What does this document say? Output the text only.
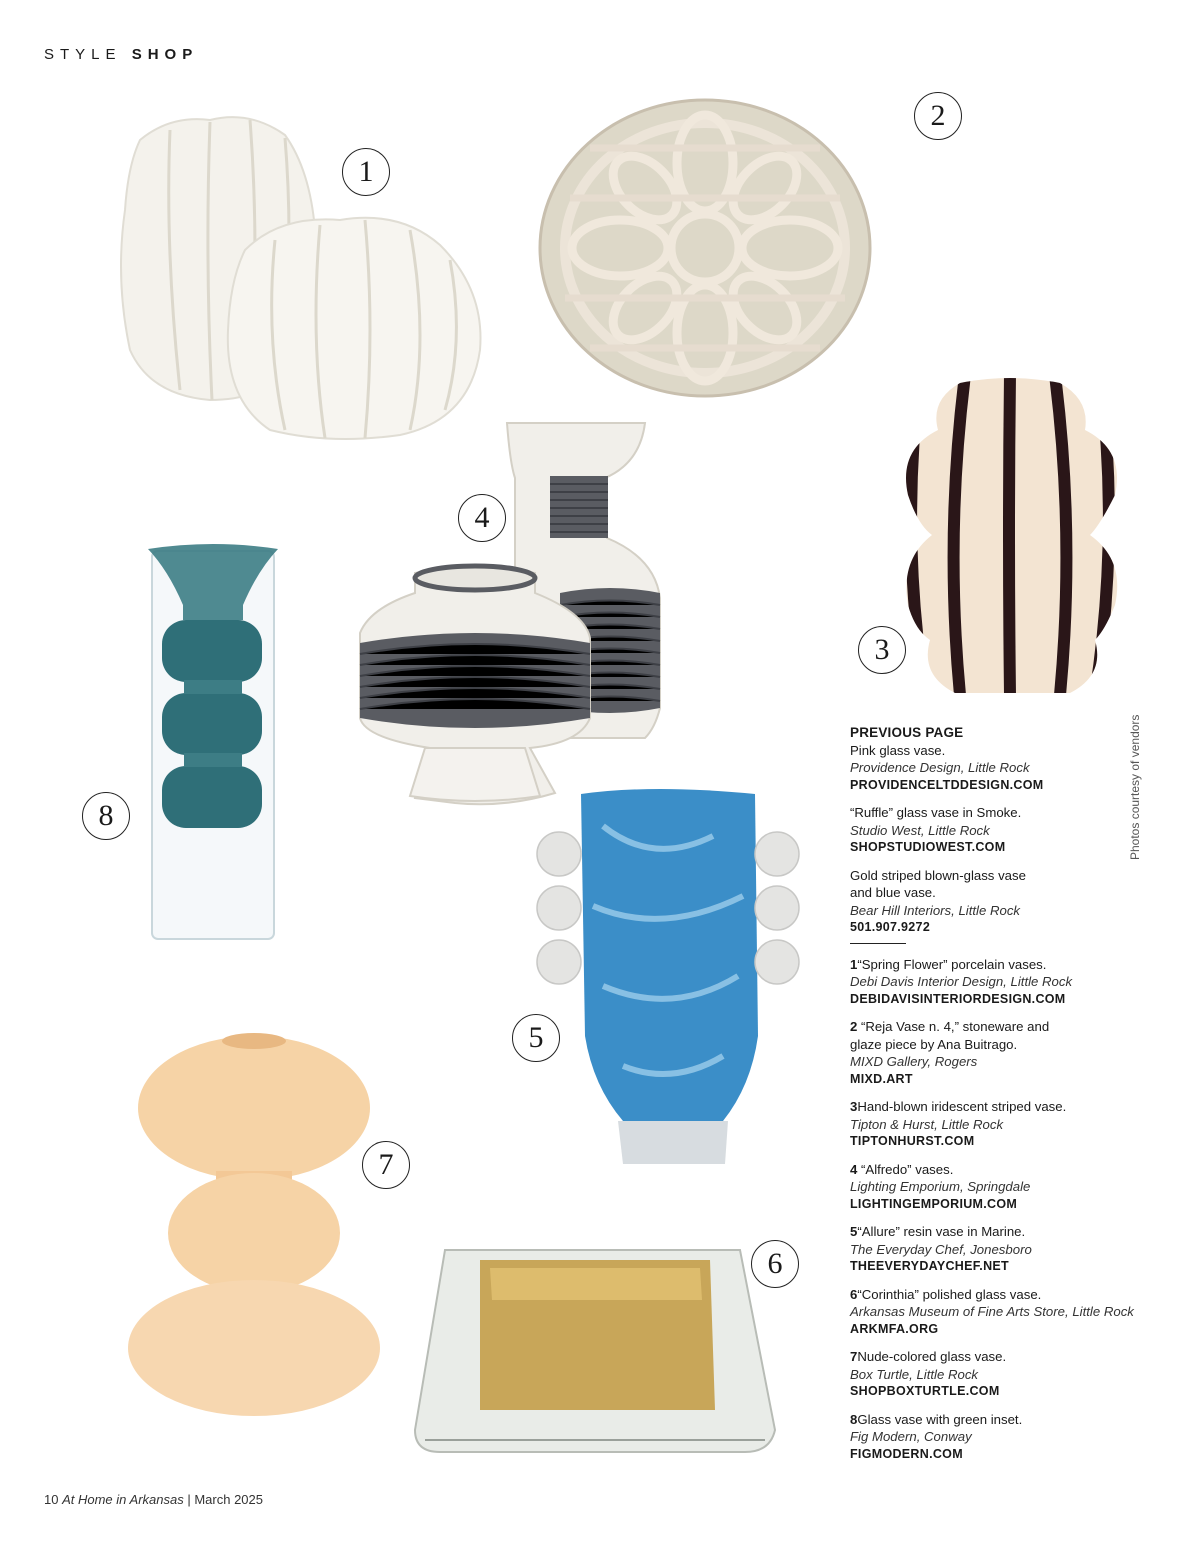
STYLE SHOP
1
2
3
4
8
5
7
6
PREVIOUS PAGE
Pink glass vase.
Providence Design, Little Rock
PROVIDENCELTDDESIGN.COM
“Ruffle” glass vase in Smoke.
Studio West, Little Rock
SHOPSTUDIOWEST.COM
Gold striped blown-glass vase and blue vase.
Bear Hill Interiors, Little Rock
501.907.9272
1“Spring Flower” porcelain vases.
Debi Davis Interior Design, Little Rock
DEBIDAVISINTERIORDESIGN.COM
2 “Reja Vase n. 4,” stoneware and glaze piece by Ana Buitrago.
MIXD Gallery, Rogers
MIXD.ART
3Hand-blown iridescent striped vase.
Tipton & Hurst, Little Rock
TIPTONHURST.COM
4 “Alfredo” vases.
Lighting Emporium, Springdale
LIGHTINGEMPORIUM.COM
5“Allure” resin vase in Marine.
The Everyday Chef, Jonesboro
THEEVERYDAYCHEF.NET
6“Corinthia” polished glass vase.
Arkansas Museum of Fine Arts Store, Little Rock
ARKMFA.ORG
7Nude-colored glass vase.
Box Turtle, Little Rock
SHOPBOXTURTLE.COM
8Glass vase with green inset.
Fig Modern, Conway
FIGMODERN.COM
Photos courtesy of vendors
10 At Home in Arkansas | March 2025
